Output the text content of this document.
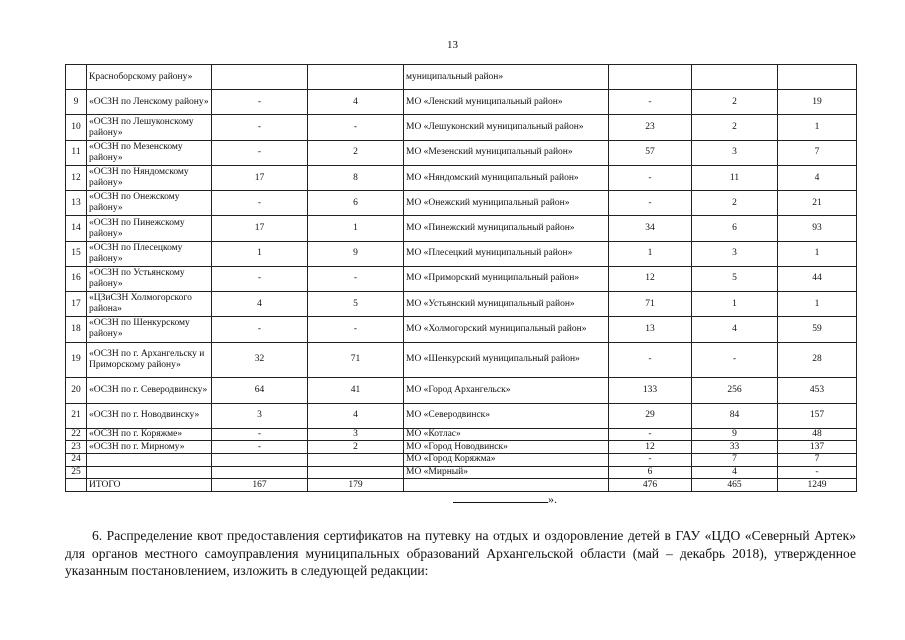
13
	Красноборскому району»			муниципальный район»			
9	«ОСЗН по Ленскому району»	-	4	МО «Ленский муниципальный район»	-	2	19
10	«ОСЗН по Лешуконскому району»	-	-	МО «Лешуконский муниципальный район»	23	2	1
11	«ОСЗН по Мезенскому району»	-	2	МО «Мезенский муниципальный район»	57	3	7
12	«ОСЗН по Няндомскому району»	17	8	МО «Няндомский муниципальный район»	-	11	4
13	«ОСЗН по Онежскому району»	-	6	МО «Онежский муниципальный район»	-	2	21
14	«ОСЗН по Пинежскому району»	17	1	МО «Пинежский муниципальный район»	34	6	93
15	«ОСЗН по Плесецкому району»	1	9	МО «Плесецкий муниципальный район»	1	3	1
16	«ОСЗН по Устьянскому району»	-	-	МО «Приморский муниципальный район»	12	5	44
17	«ЦЗиСЗН Холмогорского района»	4	5	МО «Устьянский муниципальный район»	71	1	1
18	«ОСЗН по Шенкурскому району»	-	-	МО «Холмогорский муниципальный район»	13	4	59
19	«ОСЗН по г. Архангельску и Приморскому району»	32	71	МО «Шенкурский муниципальный район»	-	-	28
20	«ОСЗН по г. Северодвинску»	64	41	МО «Город Архангельск»	133	256	453
21	«ОСЗН по г. Новодвинску»	3	4	МО «Северодвинск»	29	84	157
22	«ОСЗН по г. Коряжме»	-	3	МО «Котлас»	-	9	48
23	«ОСЗН по г. Мирному»	-	2	МО «Город Новодвинск»	12	33	137
24				МО «Город Коряжма»	-	7	7
25				МО «Мирный»	6	4	-
	ИТОГО	167	179		476	465	1249
».

6. Распределение квот предоставления сертификатов на путевку на отдых и оздоровление детей в ГАУ «ЦДО «Северный Артек» для органов местного самоуправления муниципальных образований Архангельской области (май – декабрь 2018), утвержденное указанным постановлением, изложить в следующей редакции:
